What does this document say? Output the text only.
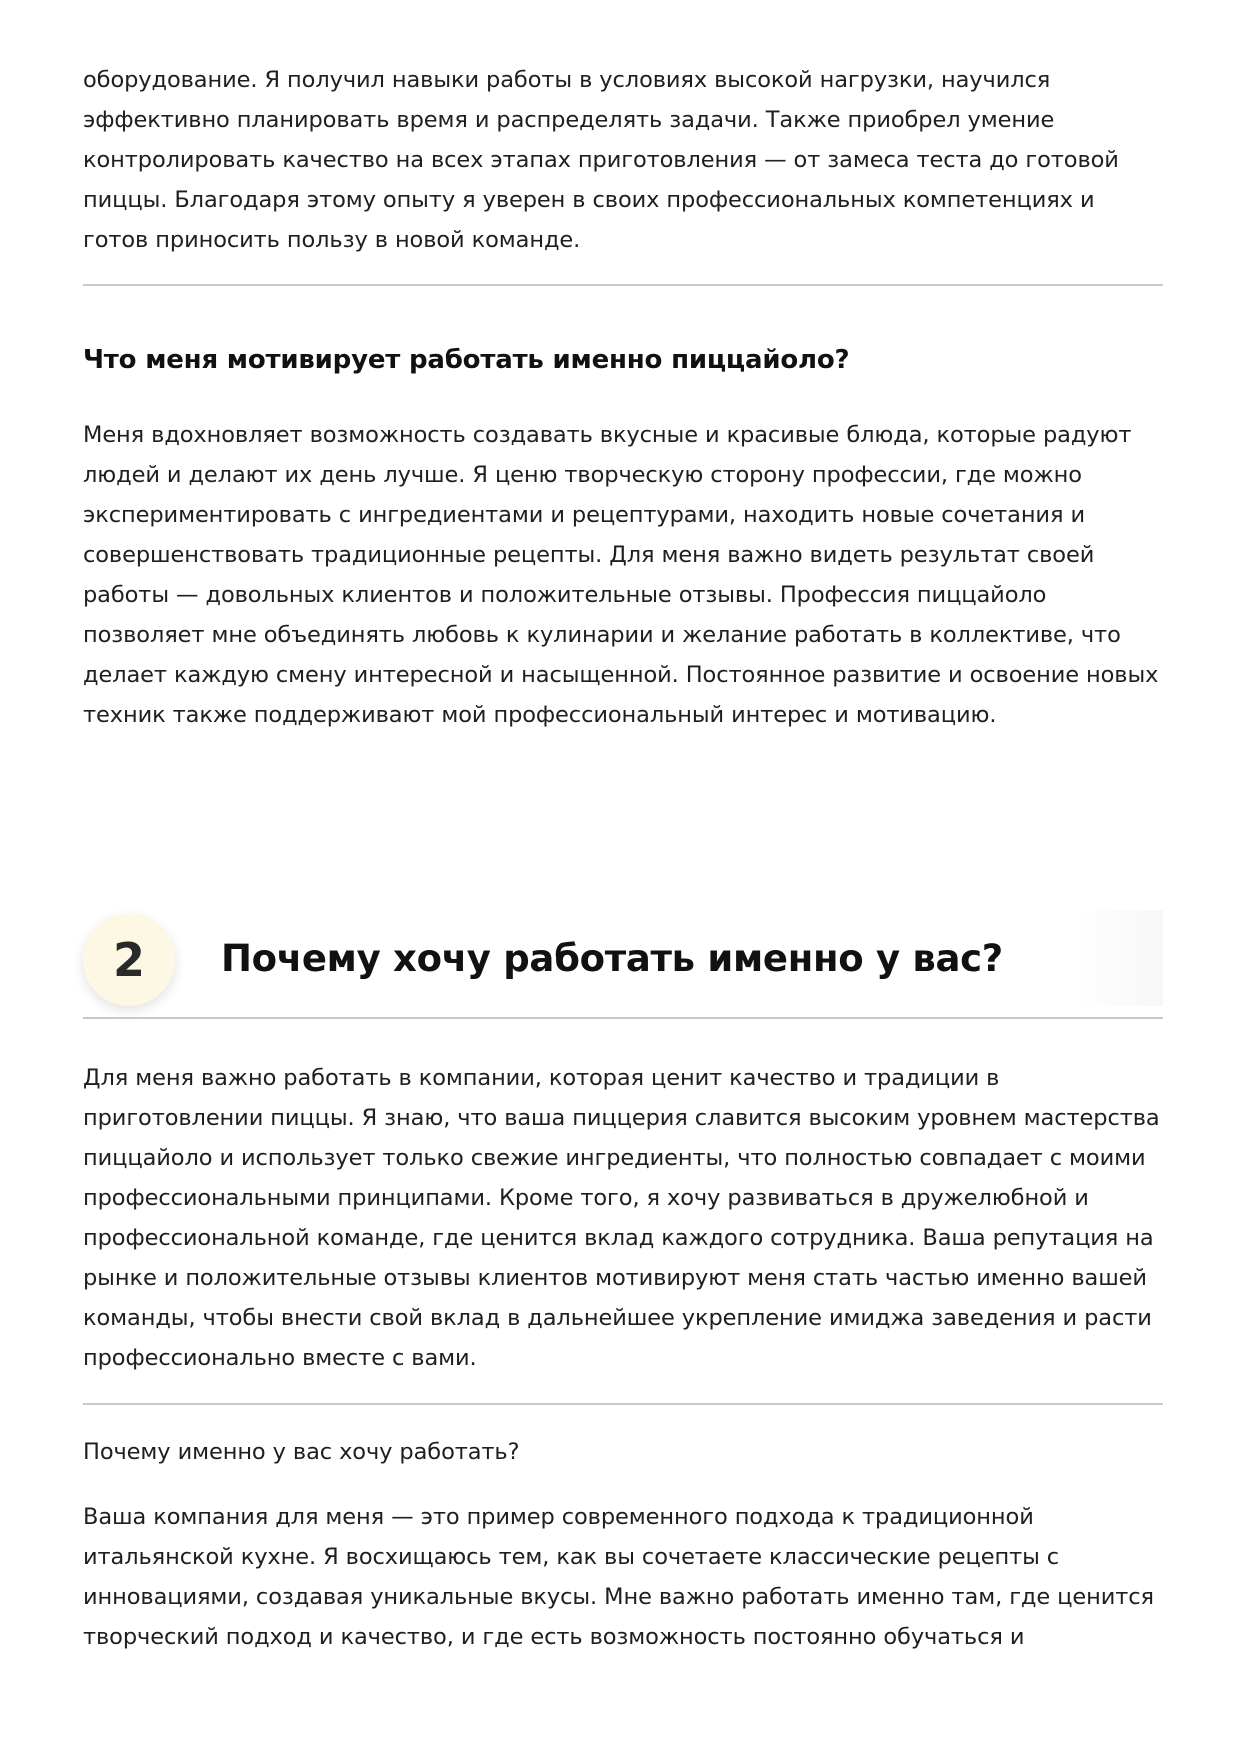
оборудование. Я получил навыки работы в условиях высокой нагрузки, научился эффективно планировать время и распределять задачи. Также приобрел умение контролировать качество на всех этапах приготовления — от замеса теста до готовой пиццы. Благодаря этому опыту я уверен в своих профессиональных компетенциях и готов приносить пользу в новой команде.

Что меня мотивирует работать именно пиццайоло?

Меня вдохновляет возможность создавать вкусные и красивые блюда, которые радуют людей и делают их день лучше. Я ценю творческую сторону профессии, где можно экспериментировать с ингредиентами и рецептурами, находить новые сочетания и совершенствовать традиционные рецепты. Для меня важно видеть результат своей работы — довольных клиентов и положительные отзывы. Профессия пиццайоло позволяет мне объединять любовь к кулинарии и желание работать в коллективе, что делает каждую смену интересной и насыщенной. Постоянное развитие и освоение новых техник также поддерживают мой профессиональный интерес и мотивацию.

2	Почему хочу работать именно у вас?

Для меня важно работать в компании, которая ценит качество и традиции в приготовлении пиццы. Я знаю, что ваша пиццерия славится высоким уровнем мастерства пиццайоло и использует только свежие ингредиенты, что полностью совпадает с моими профессиональными принципами. Кроме того, я хочу развиваться в дружелюбной и профессиональной команде, где ценится вклад каждого сотрудника. Ваша репутация на рынке и положительные отзывы клиентов мотивируют меня стать частью именно вашей команды, чтобы внести свой вклад в дальнейшее укрепление имиджа заведения и расти профессионально вместе с вами.

Почему именно у вас хочу работать?

Ваша компания для меня — это пример современного подхода к традиционной итальянской кухне. Я восхищаюсь тем, как вы сочетаете классические рецепты с инновациями, создавая уникальные вкусы. Мне важно работать именно там, где ценится творческий подход и качество, и где есть возможность постоянно обучаться и
